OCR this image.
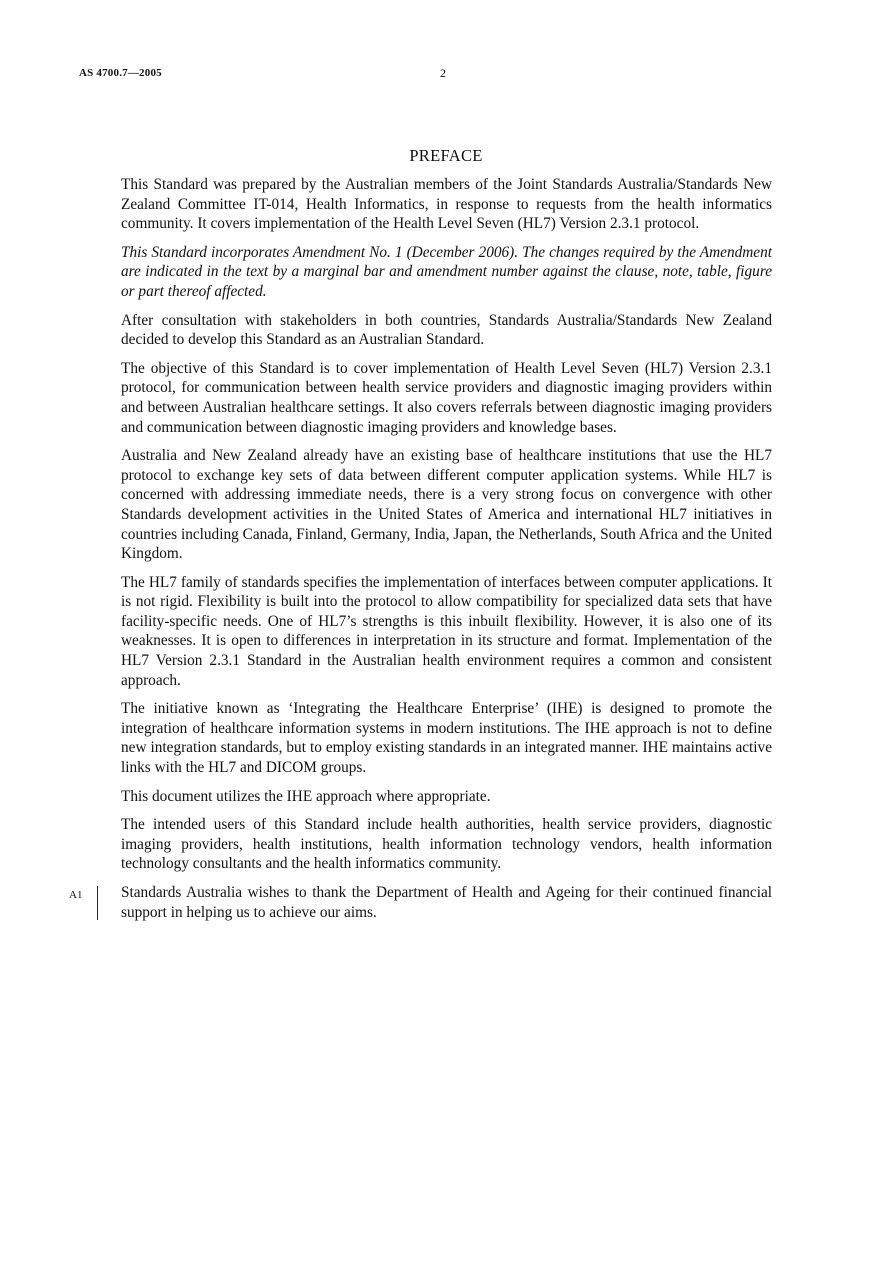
AS 4700.7—2005	2
PREFACE

This Standard was prepared by the Australian members of the Joint Standards Australia/Standards New Zealand Committee IT-014, Health Informatics, in response to requests from the health informatics community. It covers implementation of the Health Level Seven (HL7) Version 2.3.1 protocol.

This Standard incorporates Amendment No. 1 (December 2006). The changes required by the Amendment are indicated in the text by a marginal bar and amendment number against the clause, note, table, figure or part thereof affected.

After consultation with stakeholders in both countries, Standards Australia/Standards New Zealand decided to develop this Standard as an Australian Standard.

The objective of this Standard is to cover implementation of Health Level Seven (HL7) Version 2.3.1 protocol, for communication between health service providers and diagnostic imaging providers within and between Australian healthcare settings. It also covers referrals between diagnostic imaging providers and communication between diagnostic imaging providers and knowledge bases.

Australia and New Zealand already have an existing base of healthcare institutions that use the HL7 protocol to exchange key sets of data between different computer application systems. While HL7 is concerned with addressing immediate needs, there is a very strong focus on convergence with other Standards development activities in the United States of America and international HL7 initiatives in countries including Canada, Finland, Germany, India, Japan, the Netherlands, South Africa and the United Kingdom.

The HL7 family of standards specifies the implementation of interfaces between computer applications. It is not rigid. Flexibility is built into the protocol to allow compatibility for specialized data sets that have facility-specific needs. One of HL7’s strengths is this inbuilt flexibility. However, it is also one of its weaknesses. It is open to differences in interpretation in its structure and format. Implementation of the HL7 Version 2.3.1 Standard in the Australian health environment requires a common and consistent approach.

The initiative known as ‘Integrating the Healthcare Enterprise’ (IHE) is designed to promote the integration of healthcare information systems in modern institutions. The IHE approach is not to define new integration standards, but to employ existing standards in an integrated manner. IHE maintains active links with the HL7 and DICOM groups.

This document utilizes the IHE approach where appropriate.

The intended users of this Standard include health authorities, health service providers, diagnostic imaging providers, health institutions, health information technology vendors, health information technology consultants and the health informatics community.

A1	Standards Australia wishes to thank the Department of Health and Ageing for their continued financial support in helping us to achieve our aims.
